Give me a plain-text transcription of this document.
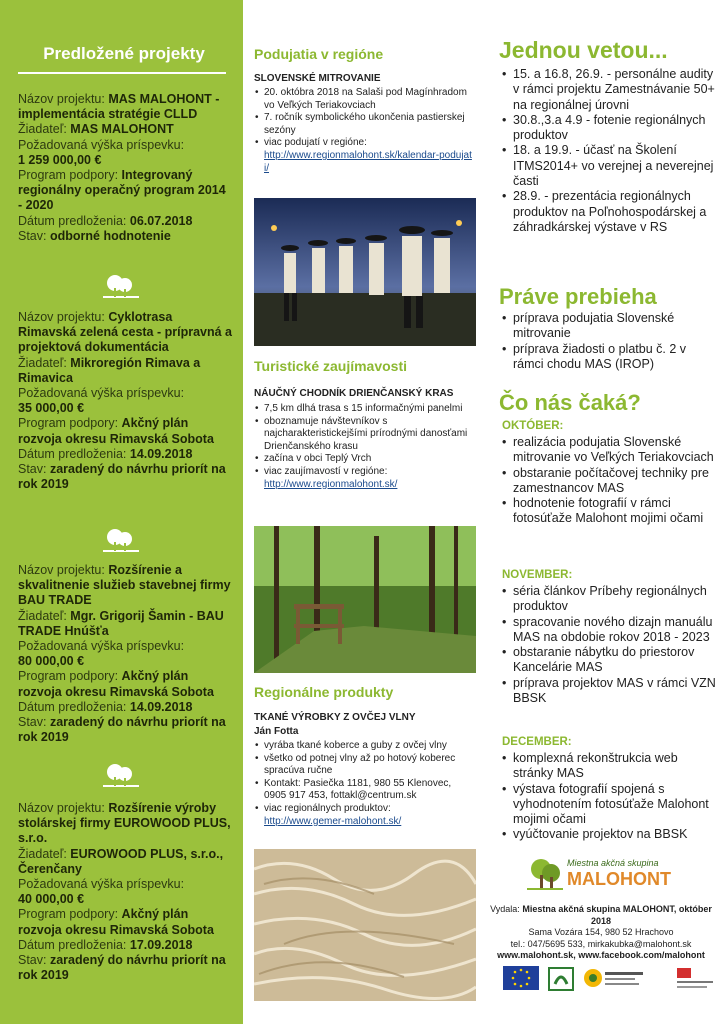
Predložené projekty
Názov projektu: MAS MALOHONT - implementácia stratégie CLLD
Žiadateľ: MAS MALOHONT
Požadovaná výška príspevku:
1 259 000,00 €
Program podpory: Integrovaný regionálny operačný program 2014 - 2020
Dátum predloženia: 06.07.2018
Stav: odborné hodnotenie
Názov projektu: Cyklotrasa Rimavská zelená cesta - prípravná a projektová dokumentácia
Žiadateľ: Mikroregión Rimava a Rimavica
Požadovaná výška príspevku:
35 000,00 €
Program podpory: Akčný plán rozvoja okresu Rimavská Sobota
Dátum predloženia: 14.09.2018
Stav: zaradený do návrhu priorít na rok 2019
Názov projektu: Rozšírenie a skvalitnenie služieb stavebnej firmy BAU TRADE
Žiadateľ: Mgr. Grigorij Šamin - BAU TRADE Hnúšťa
Požadovaná výška príspevku:
80 000,00 €
Program podpory: Akčný plán rozvoja okresu Rimavská Sobota
Dátum predloženia: 14.09.2018
Stav: zaradený do návrhu priorít na rok 2019
Názov projektu: Rozšírenie výroby stolárskej firmy EUROWOOD PLUS, s.r.o.
Žiadateľ: EUROWOOD PLUS, s.r.o., Čerenčany
Požadovaná výška príspevku:
40 000,00 €
Program podpory: Akčný plán rozvoja okresu Rimavská Sobota
Dátum predloženia: 17.09.2018
Stav: zaradený do návrhu priorít na rok 2019
Podujatia v regióne
SLOVENSKÉ MITROVANIE
• 20. októbra 2018 na Salaši pod Magínhradom vo Veľkých Teriakovciach
• 7. ročník symbolického ukončenia pastierskej sezóny
• viac podujatí v regióne:
http://www.regionmalohont.sk/kalendar-podujati/
Turistické zaujímavosti
NÁUČNÝ CHODNÍK DRIENČANSKÝ KRAS
• 7,5 km dlhá trasa s 15 informačnými panelmi
• oboznamuje návštevníkov s najcharakteristickejšími prírodnými danosťami Drienčanského krasu
• začína v obci Teplý Vrch
• viac zaujímavostí v regióne:
http://www.regionmalohont.sk/
Regionálne produkty
TKANÉ VÝROBKY Z OVČEJ VLNY
Ján Fotta
• vyrába tkané koberce a guby z ovčej vlny
• všetko od potnej vlny až po hotový koberec spracúva ručne
• Kontakt: Pasiečka 1181, 980 55 Klenovec, 0905 917 453, fottakl@centrum.sk
• viac regionálnych produktov:
http://www.gemer-malohont.sk/
Jednou vetou...
• 15. a 16.8, 26.9. - personálne audity v rámci projektu Zamestnávanie 50+ na regionálnej úrovni
• 30.8.,3.a 4.9 - fotenie regionálnych produktov
• 18. a 19.9. - účasť na Školení ITMS2014+ vo verejnej a neverejnej časti
• 28.9. - prezentácia regionálnych produktov na Poľnohospodárskej a záhradkárskej výstave v RS
Práve prebieha
• príprava podujatia Slovenské mitrovanie
• príprava žiadosti o platbu č. 2 v rámci chodu MAS (IROP)
Čo nás čaká?
OKTÓBER:
• realizácia podujatia Slovenské mitrovanie vo Veľkých Teriakovciach
• obstaranie počítačovej techniky pre zamestnancov MAS
• hodnotenie fotografií v rámci fotosúťaže Malohont mojimi očami
NOVEMBER:
• séria článkov Príbehy regionálnych produktov
• spracovanie nového dizajn manuálu MAS na obdobie rokov 2018 - 2023
• obstaranie nábytku do priestorov Kancelárie MAS
• príprava projektov MAS v rámci VZN BBSK
DECEMBER:
• komplexná rekonštrukcia web stránky MAS
• výstava fotografií spojená s vyhodnotením fotosúťaže Malohont mojimi očami
• vyúčtovanie projektov na BBSK
Miestna akčná skupina
MALOHONT
Vydala: Miestna akčná skupina MALOHONT, október 2018
Sama Vozára 154, 980 52 Hrachovo
tel.: 047/5695 533, mirkakubka@malohont.sk
www.malohont.sk, www.facebook.com/malohont
